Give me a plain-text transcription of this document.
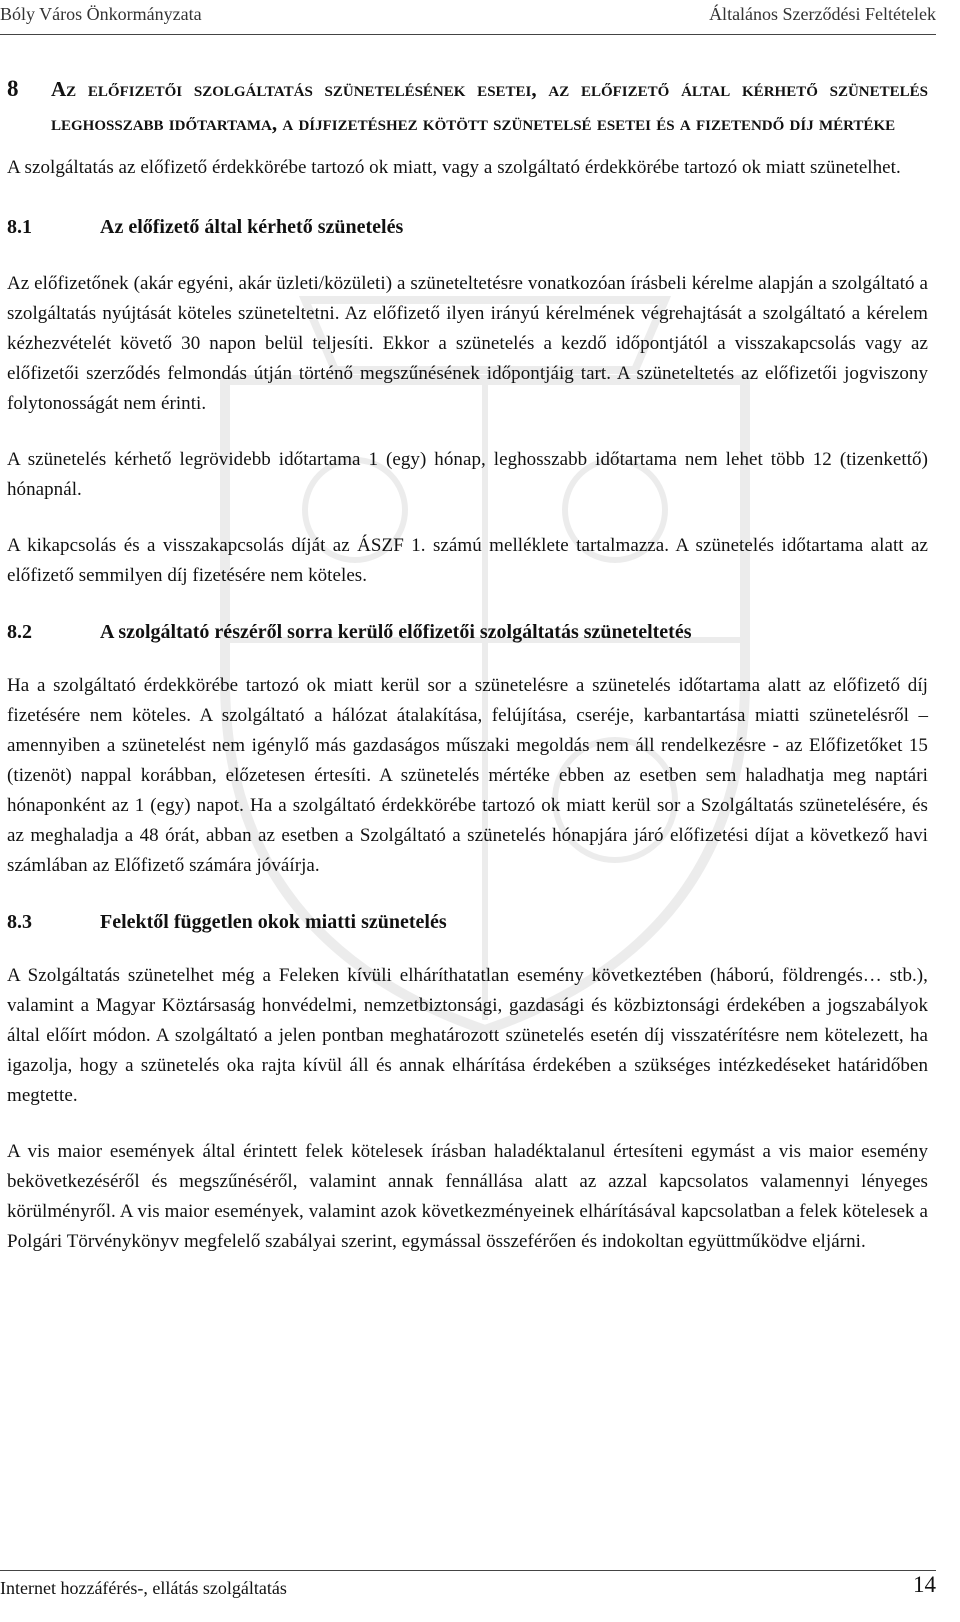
Bóly Város Önkormányzata	Általános Szerződési Feltételek
8	Az előfizetői szolgáltatás szünetelésének esetei, az előfizető által kérhető szünetelés leghosszabb időtartama, a díjfizetéshez kötött szünetelsé esetei és a fizetendő díj mértéke

A szolgáltatás az előfizető érdekkörébe tartozó ok miatt, vagy a szolgáltató érdekkörébe tartozó ok miatt szünetelhet.

8.1	Az előfizető által kérhető szünetelés

Az előfizetőnek (akár egyéni, akár üzleti/közületi) a szüneteltetésre vonatkozóan írásbeli kérelme alapján a szolgáltató a szolgáltatás nyújtását köteles szüneteltetni. Az előfizető ilyen irányú kérelmének végrehajtását a szolgáltató a kérelem kézhezvételét követő 30 napon belül teljesíti. Ekkor a szünetelés a kezdő időpontjától a visszakapcsolás vagy az előfizetői szerződés felmondás útján történő megszűnésének időpontjáig tart. A szüneteltetés az előfizetői jogviszony folytonosságát nem érinti.

A szünetelés kérhető legrövidebb időtartama 1 (egy) hónap, leghosszabb időtartama nem lehet több 12 (tizenkettő) hónapnál.

A kikapcsolás és a visszakapcsolás díját az ÁSZF 1. számú melléklete tartalmazza. A szünetelés időtartama alatt az előfizető semmilyen díj fizetésére nem köteles.

8.2	A szolgáltató részéről sorra kerülő előfizetői szolgáltatás szüneteltetés

Ha a szolgáltató érdekkörébe tartozó ok miatt kerül sor a szünetelésre a szünetelés időtartama alatt az előfizető díj fizetésére nem köteles. A szolgáltató a hálózat átalakítása, felújítása, cseréje, karbantartása miatti szünetelésről – amennyiben a szünetelést nem igénylő más gazdaságos műszaki megoldás nem áll rendelkezésre - az Előfizetőket 15 (tizenöt) nappal korábban, előzetesen értesíti. A szünetelés mértéke ebben az esetben sem haladhatja meg naptári hónaponként az 1 (egy) napot. Ha a szolgáltató érdekkörébe tartozó ok miatt kerül sor a Szolgáltatás szünetelésére, és az meghaladja a 48 órát, abban az esetben a Szolgáltató a szünetelés hónapjára járó előfizetési díjat a következő havi számlában az Előfizető számára jóváírja.

8.3	Felektől független okok miatti szünetelés

A Szolgáltatás szünetelhet még a Feleken kívüli elháríthatatlan esemény következtében (háború, földrengés… stb.), valamint a Magyar Köztársaság honvédelmi, nemzetbiztonsági, gazdasági és közbiztonsági érdekében a jogszabályok által előírt módon. A szolgáltató a jelen pontban meghatározott szünetelés esetén díj visszatérítésre nem kötelezett, ha igazolja, hogy a szünetelés oka rajta kívül áll és annak elhárítása érdekében a szükséges intézkedéseket határidőben megtette.

A vis maior események által érintett felek kötelesek írásban haladéktalanul értesíteni egymást a vis maior esemény bekövetkezéséről és megszűnéséről, valamint annak fennállása alatt az azzal kapcsolatos valamennyi lényeges körülményről. A vis maior események, valamint azok következményeinek elhárításával kapcsolatban a felek kötelesek a Polgári Törvénykönyv megfelelő szabályai szerint, egymással összeférően és indokoltan együttműködve eljárni.

Internet hozzáférés-, ellátás szolgáltatás	14
